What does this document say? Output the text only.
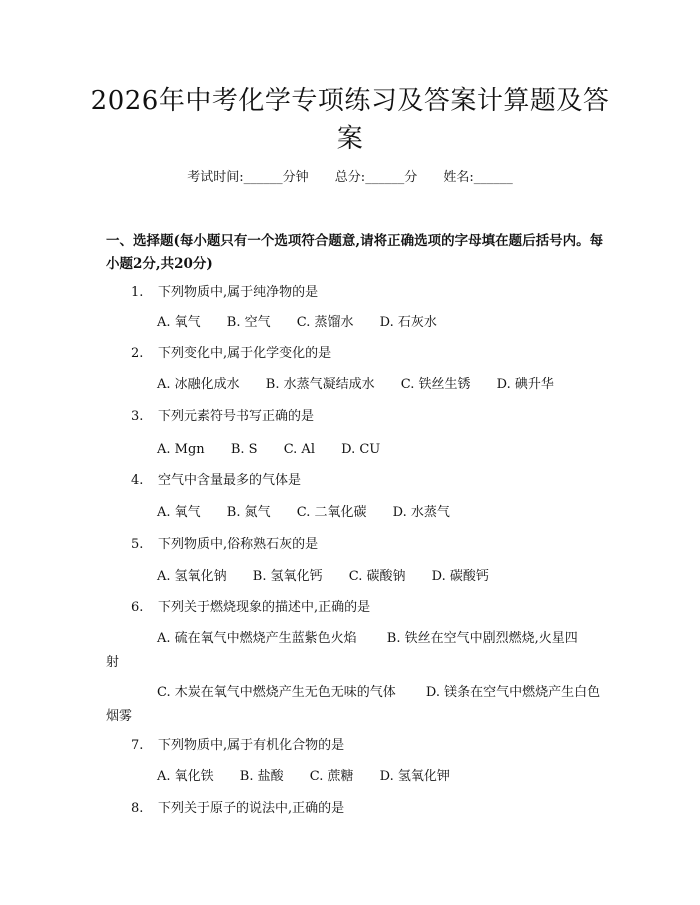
2026年中考化学专项练习及答案计算题及答案
考试时间:______分钟 总分:______分 姓名:______
一、选择题(每小题只有一个选项符合题意,请将正确选项的字母填在题后括号内。每小题2分,共20分)
1. 下列物质中,属于纯净物的是
A. 氧气 B. 空气 C. 蒸馏水 D. 石灰水
2. 下列变化中,属于化学变化的是
A. 冰融化成水 B. 水蒸气凝结成水 C. 铁丝生锈 D. 碘升华
3. 下列元素符号书写正确的是
A. Mgn B. S C. Al D. CU
4. 空气中含量最多的气体是
A. 氧气 B. 氮气 C. 二氧化碳 D. 水蒸气
5. 下列物质中,俗称熟石灰的是
A. 氢氧化钠 B. 氢氧化钙 C. 碳酸钠 D. 碳酸钙
6. 下列关于燃烧现象的描述中,正确的是
A. 硫在氧气中燃烧产生蓝紫色火焰 B. 铁丝在空气中剧烈燃烧,火星四射
C. 木炭在氧气中燃烧产生无色无味的气体 D. 镁条在空气中燃烧产生白色烟雾
7. 下列物质中,属于有机化合物的是
A. 氧化铁 B. 盐酸 C. 蔗糖 D. 氢氧化钾
8. 下列关于原子的说法中,正确的是
